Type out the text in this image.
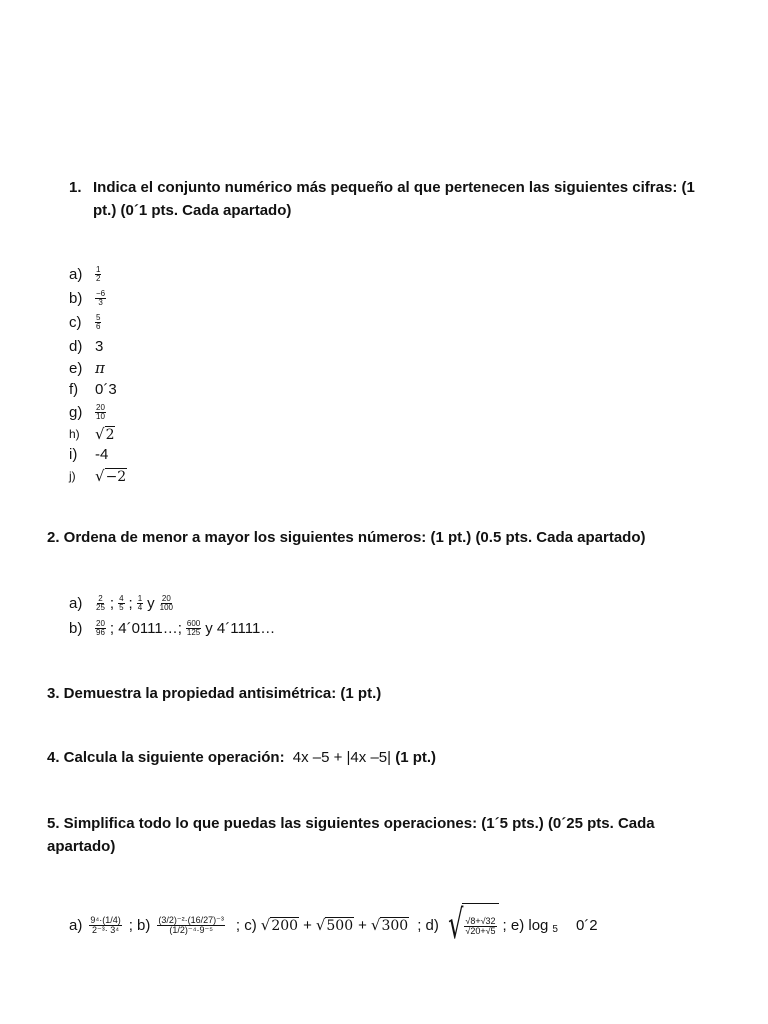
1. Indica el conjunto numérico más pequeño al que pertenecen las siguientes cifras: (1
pt.) (0´1 pts. Cada apartado)
a)	$\frac{1}{2}$
b)	$\frac{-6}{3}$
c)	$\frac{5}{6}$
d) 3
e) π
f)	0´3
g)	$\frac{20}{10}$
h)	√ 2
i)	-4
j)	√ −2
2. Ordena de menor a mayor los siguientes números: (1 pt.) (0.5 pts. Cada apartado)
a)	$\frac{2}{25}$ ; $\frac{4}{5}$ ; $\frac{1}{4}$ y $\frac{20}{100}$
b)	$\frac{20}{96}$ ; 4´0111…; $\frac{600}{125}$ y 4´1111…
3. Demuestra la propiedad antisimétrica: (1 pt.)
4. Calcula la siguiente operación: 4x –5 + |4x –5| (1 pt.)
5. Simplifica todo lo que puedas las siguientes operaciones: (1´5 pts.) (0´25 pts. Cada
apartado)
$a) \frac{\text{9⁴·(1/4)}}{\text{2⁻³· 3⁴}}$ ; $b) \frac{\text{(3/2)⁻²·(16/27)⁻³}}{\text{(1/2)⁻⁴·9⁻⁵}}$ ; c) √ 200 + √ 500 + √ 300 ; d) √ $\frac{√8+√32}{√20+√5}$ ; e) log 5 0´2
